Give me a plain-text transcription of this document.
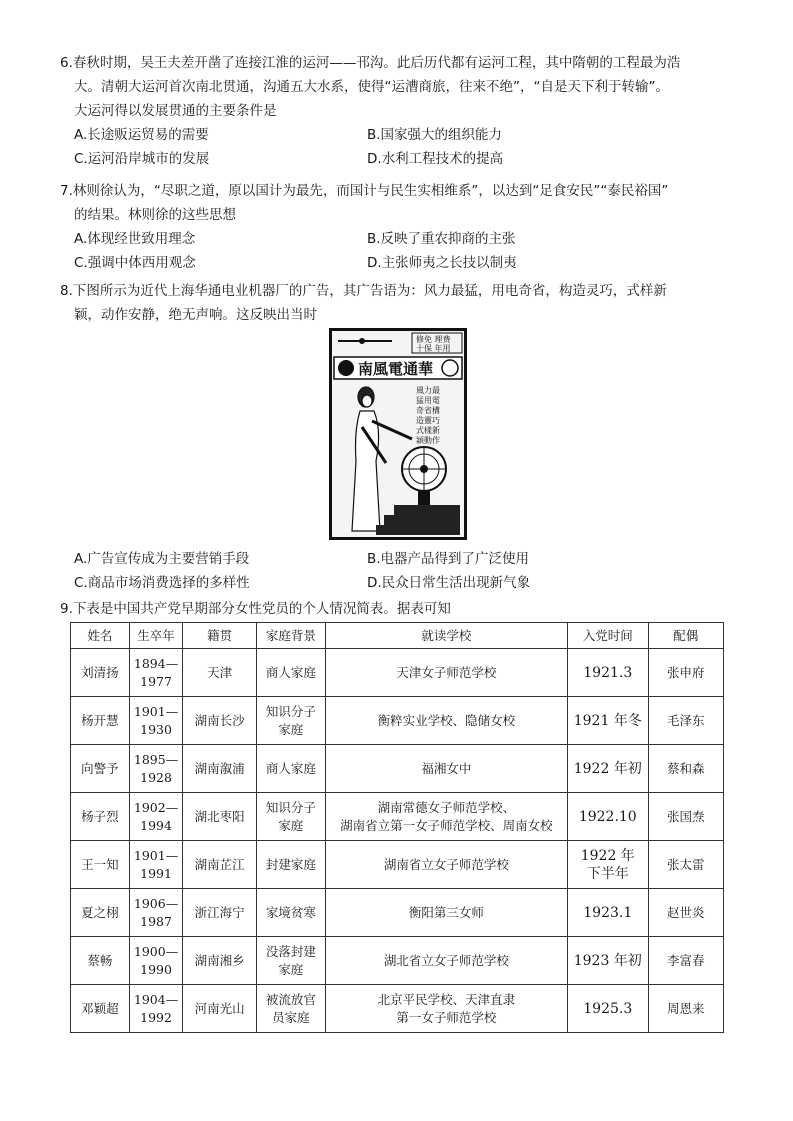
6.春秋时期，吴王夫差开凿了连接江淮的运河——邗沟。此后历代都有运河工程，其中隋朝的工程最为浩

大。清朝大运河首次南北贯通，沟通五大水系，使得“运漕商旅，往来不绝”，“自是天下利于转输”。

大运河得以发展贯通的主要条件是

A.长途贩运贸易的需要	B.国家强大的组织能力
C.运河沿岸城市的发展	D.水利工程技术的提高

7.林则徐认为，“尽职之道，原以国计为最先，而国计与民生实相维系”，以达到“足食安民”“泰民裕国”

的结果。林则徐的这些思想

A.体现经世致用理念	B.反映了重农抑商的主张
C.强调中体西用观念	D.主张师夷之长技以制夷

8.下图所示为近代上海华通电业机器厂的广告，其广告语为：风力最猛，用电奇省，构造灵巧，式样新

颖，动作安静，绝无声响。这反映出当时

修免 理费
十保 年用
南風電通華
風力最
猛用電
奇省構
造靈巧
式樣新
穎動作
A.广告宣传成为主要营销手段	B.电器产品得到了广泛使用
C.商品市场消费选择的多样性	D.民众日常生活出现新气象

9.下表是中国共产党早期部分女性党员的个人情况简表。据表可知

姓名	生卒年	籍贯	家庭背景	就读学校	入党时间	配偶
刘清扬	1894—
1977	天津	商人家庭	天津女子师范学校	1921.3	张申府
杨开慧	1901—
1930	湖南长沙	知识分子
家庭	衡粹实业学校、隐储女校	1921 年冬	毛泽东
向警予	1895—
1928	湖南溆浦	商人家庭	福湘女中	1922 年初	蔡和森
杨子烈	1902—
1994	湖北枣阳	知识分子
家庭	湖南常德女子师范学校、
湖南省立第一女子师范学校、周南女校	1922.10	张国焘
王一知	1901—
1991	湖南芷江	封建家庭	湖南省立女子师范学校	1922 年
下半年	张太雷
夏之栩	1906—
1987	浙江海宁	家境贫寒	衡阳第三女师	1923.1	赵世炎
蔡畅	1900—
1990	湖南湘乡	没落封建
家庭	湖北省立女子师范学校	1923 年初	李富春
邓颖超	1904—
1992	河南光山	被流放官
员家庭	北京平民学校、天津直隶
第一女子师范学校	1925.3	周恩来
